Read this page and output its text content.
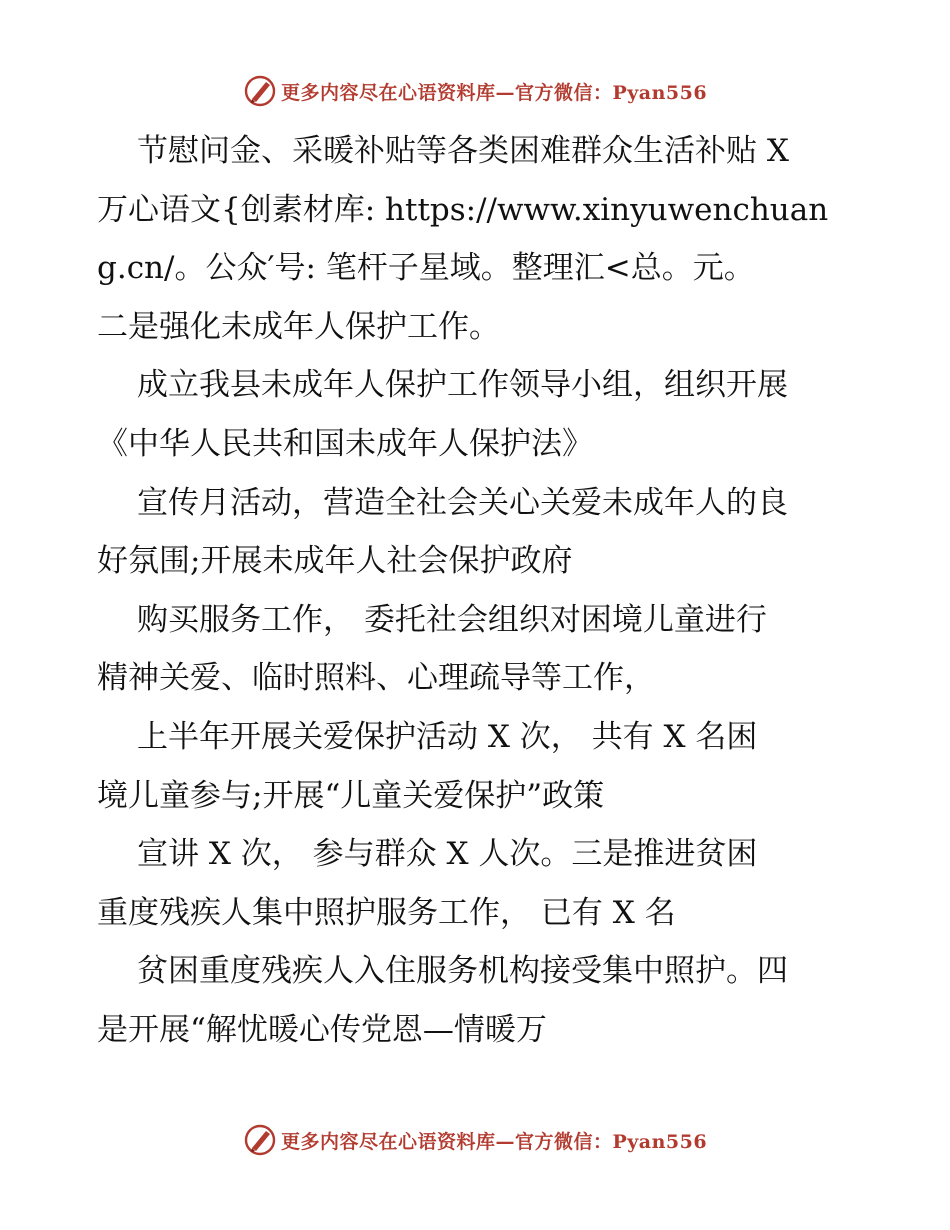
更多内容尽在心语资料库—官方微信：Pyan556
节慰问金、采暖补贴等各类困难群众生活补贴 X
万心语文{创素材库: https://www.xinyuwenchuan
g.cn/。公众′号: 笔杆子星域。整理汇<总。元。
二是强化未成年人保护工作。
成立我县未成年人保护工作领导小组，组织开展
《中华人民共和国未成年人保护法》
宣传月活动，营造全社会关心关爱未成年人的良
好氛围;开展未成年人社会保护政府
购买服务工作， 委托社会组织对困境儿童进行
精神关爱、临时照料、心理疏导等工作，
上半年开展关爱保护活动 X 次， 共有 X 名困
境儿童参与;开展“儿童关爱保护”政策
宣讲 X 次， 参与群众 X 人次。三是推进贫困
重度残疾人集中照护服务工作， 已有 X 名
贫困重度残疾人入住服务机构接受集中照护。四
是开展“解忧暖心传党恩—情暖万
更多内容尽在心语资料库—官方微信：Pyan556
